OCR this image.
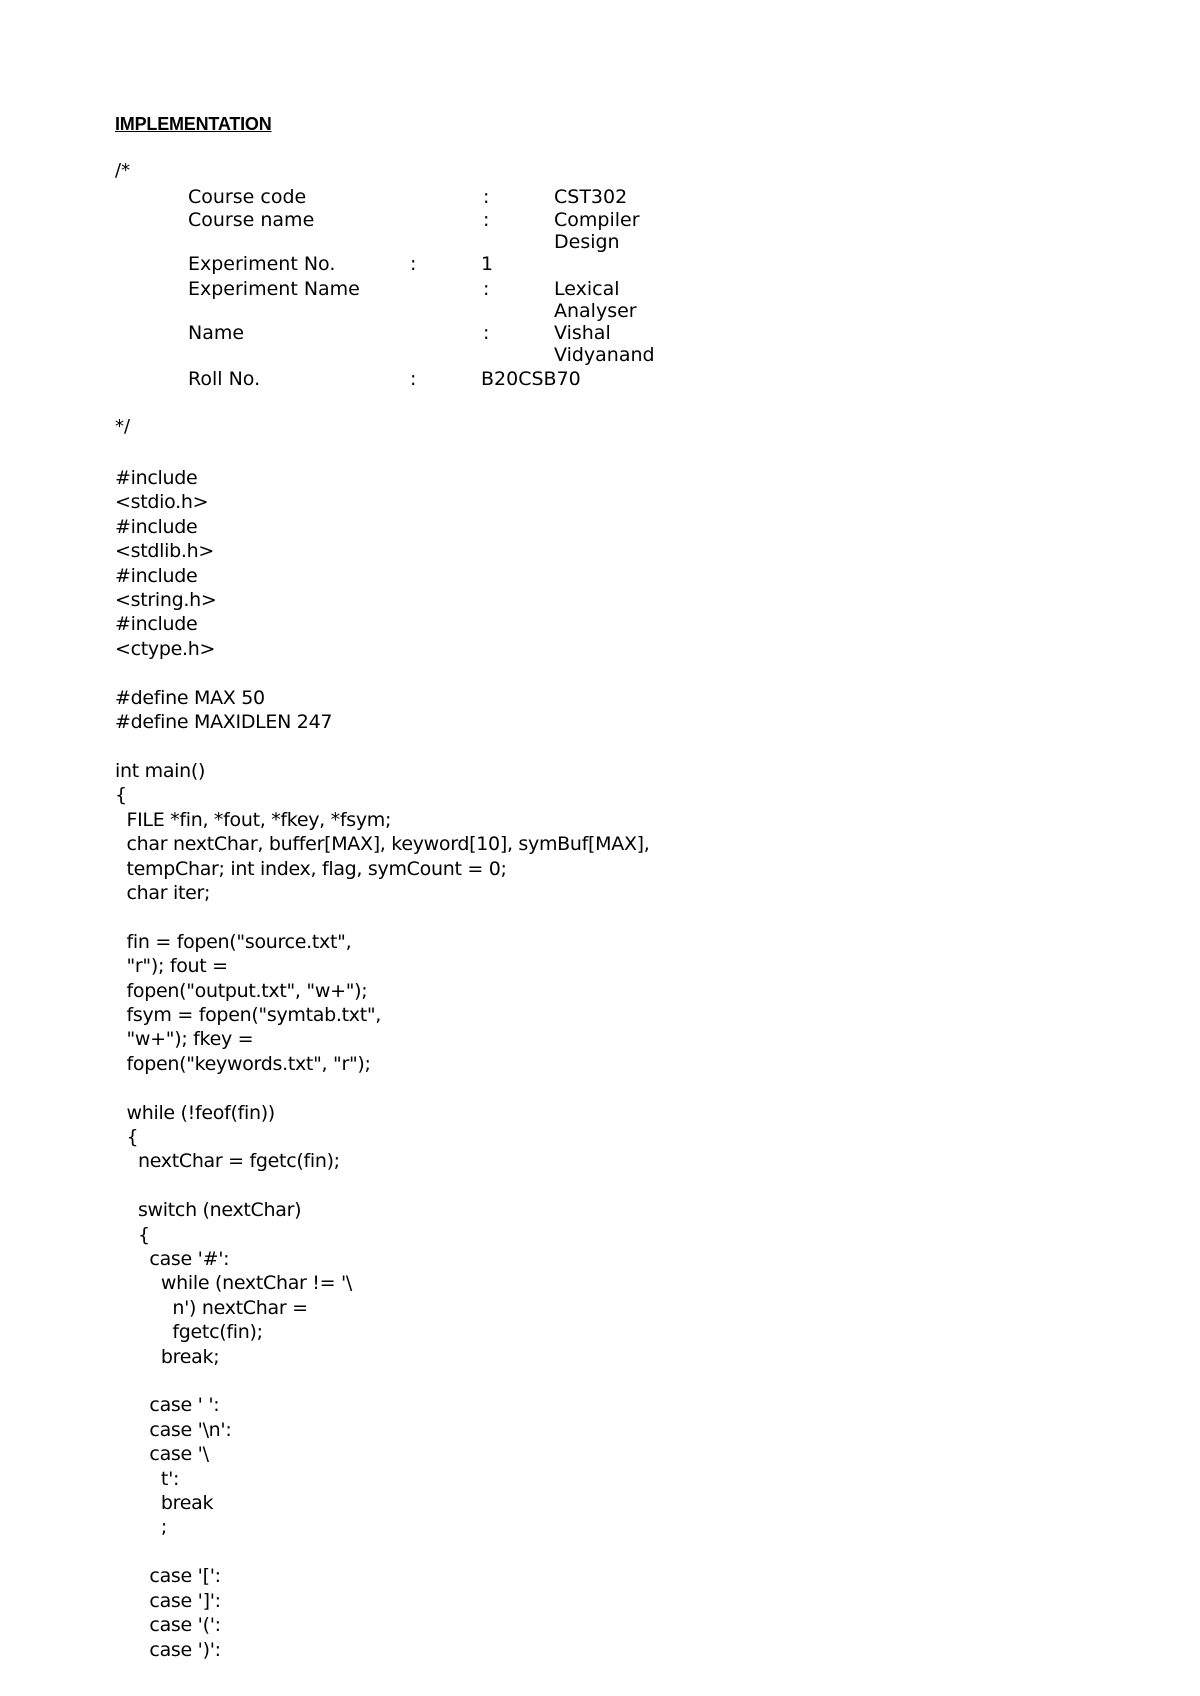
IMPLEMENTATION
/*
Course code	:	CST302
Course name	:	Compiler
Design
Experiment No.	:	1
Experiment Name	:	Lexical
Analyser
Name	:	Vishal
Vidyanand
Roll No.	:	B20CSB70
*/
#include
<stdio.h>
#include
<stdlib.h>
#include
<string.h>
#include
<ctype.h>

#define MAX 50
#define MAXIDLEN 247

int main()
{
FILE *fin, *fout, *fkey, *fsym;
char nextChar, buffer[MAX], keyword[10], symBuf[MAX],
tempChar; int index, flag, symCount = 0;
char iter;

fin = fopen("source.txt",
"r"); fout =
fopen("output.txt", "w+");
fsym = fopen("symtab.txt",
"w+"); fkey =
fopen("keywords.txt", "r");

while (!feof(fin))
{
nextChar = fgetc(fin);

switch (nextChar)
{
case '#':
while (nextChar != '\
n') nextChar =
fgetc(fin);
break;

case ' ':
case '\n':
case '\
t':
break
;

case '[':
case ']':
case '(':
case ')':
